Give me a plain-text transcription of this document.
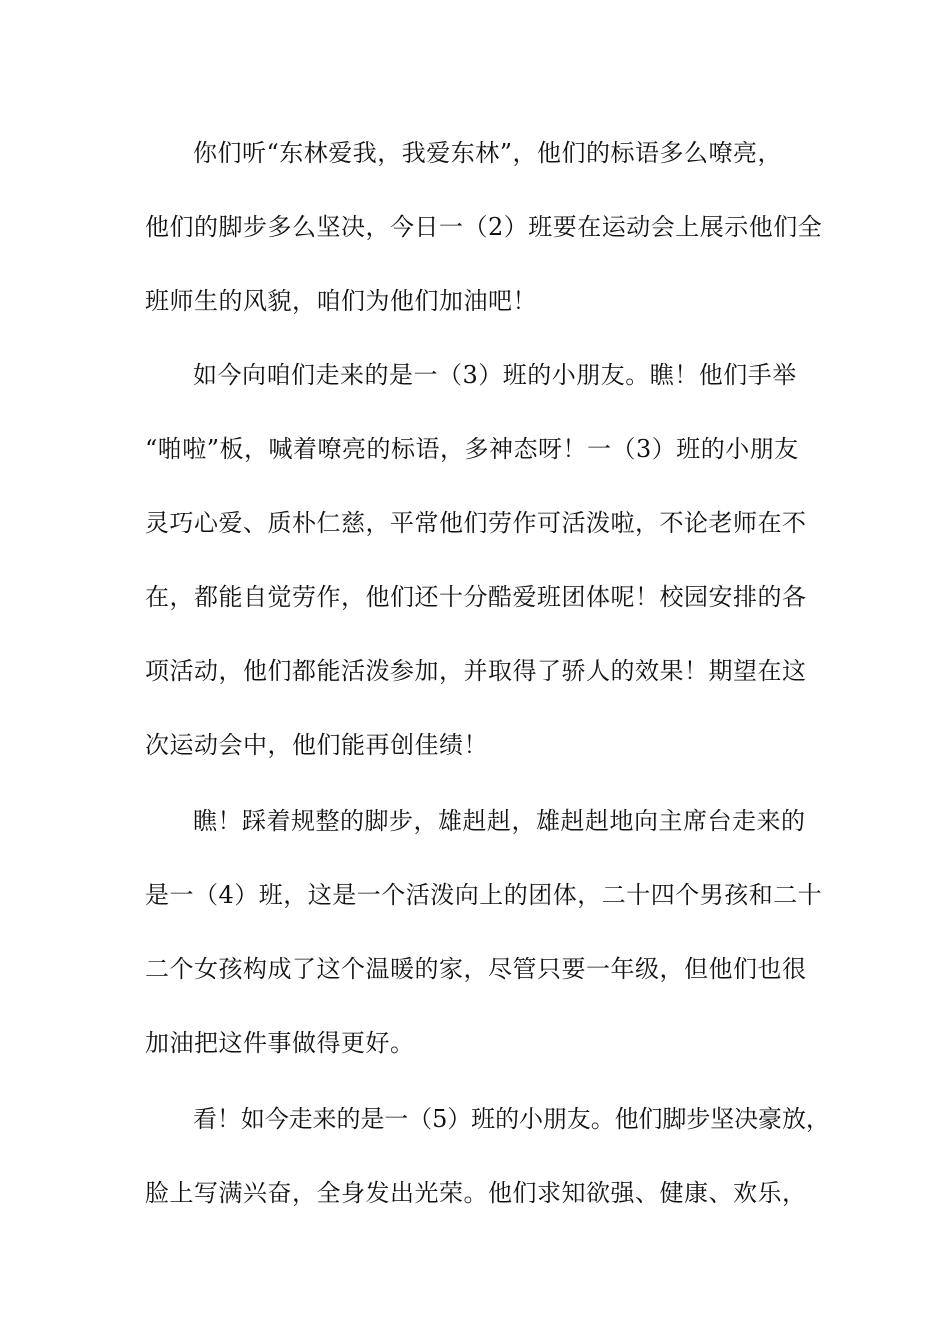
你们听“东林爱我，我爱东林”，他们的标语多么嘹亮，
他们的脚步多么坚决，今日一（2）班要在运动会上展示他们全
班师生的风貌，咱们为他们加油吧！
如今向咱们走来的是一（3）班的小朋友。瞧！他们手举
“啪啦”板，喊着嘹亮的标语，多神态呀！一（3）班的小朋友
灵巧心爱、质朴仁慈，平常他们劳作可活泼啦，不论老师在不
在，都能自觉劳作，他们还十分酷爱班团体呢！校园安排的各
项活动，他们都能活泼参加，并取得了骄人的效果！期望在这
次运动会中，他们能再创佳绩！
瞧！踩着规整的脚步，雄赳赳，雄赳赳地向主席台走来的
是一（4）班，这是一个活泼向上的团体，二十四个男孩和二十
二个女孩构成了这个温暖的家，尽管只要一年级，但他们也很
加油把这件事做得更好。
看！如今走来的是一（5）班的小朋友。他们脚步坚决豪放，
脸上写满兴奋，全身发出光荣。他们求知欲强、健康、欢乐，
